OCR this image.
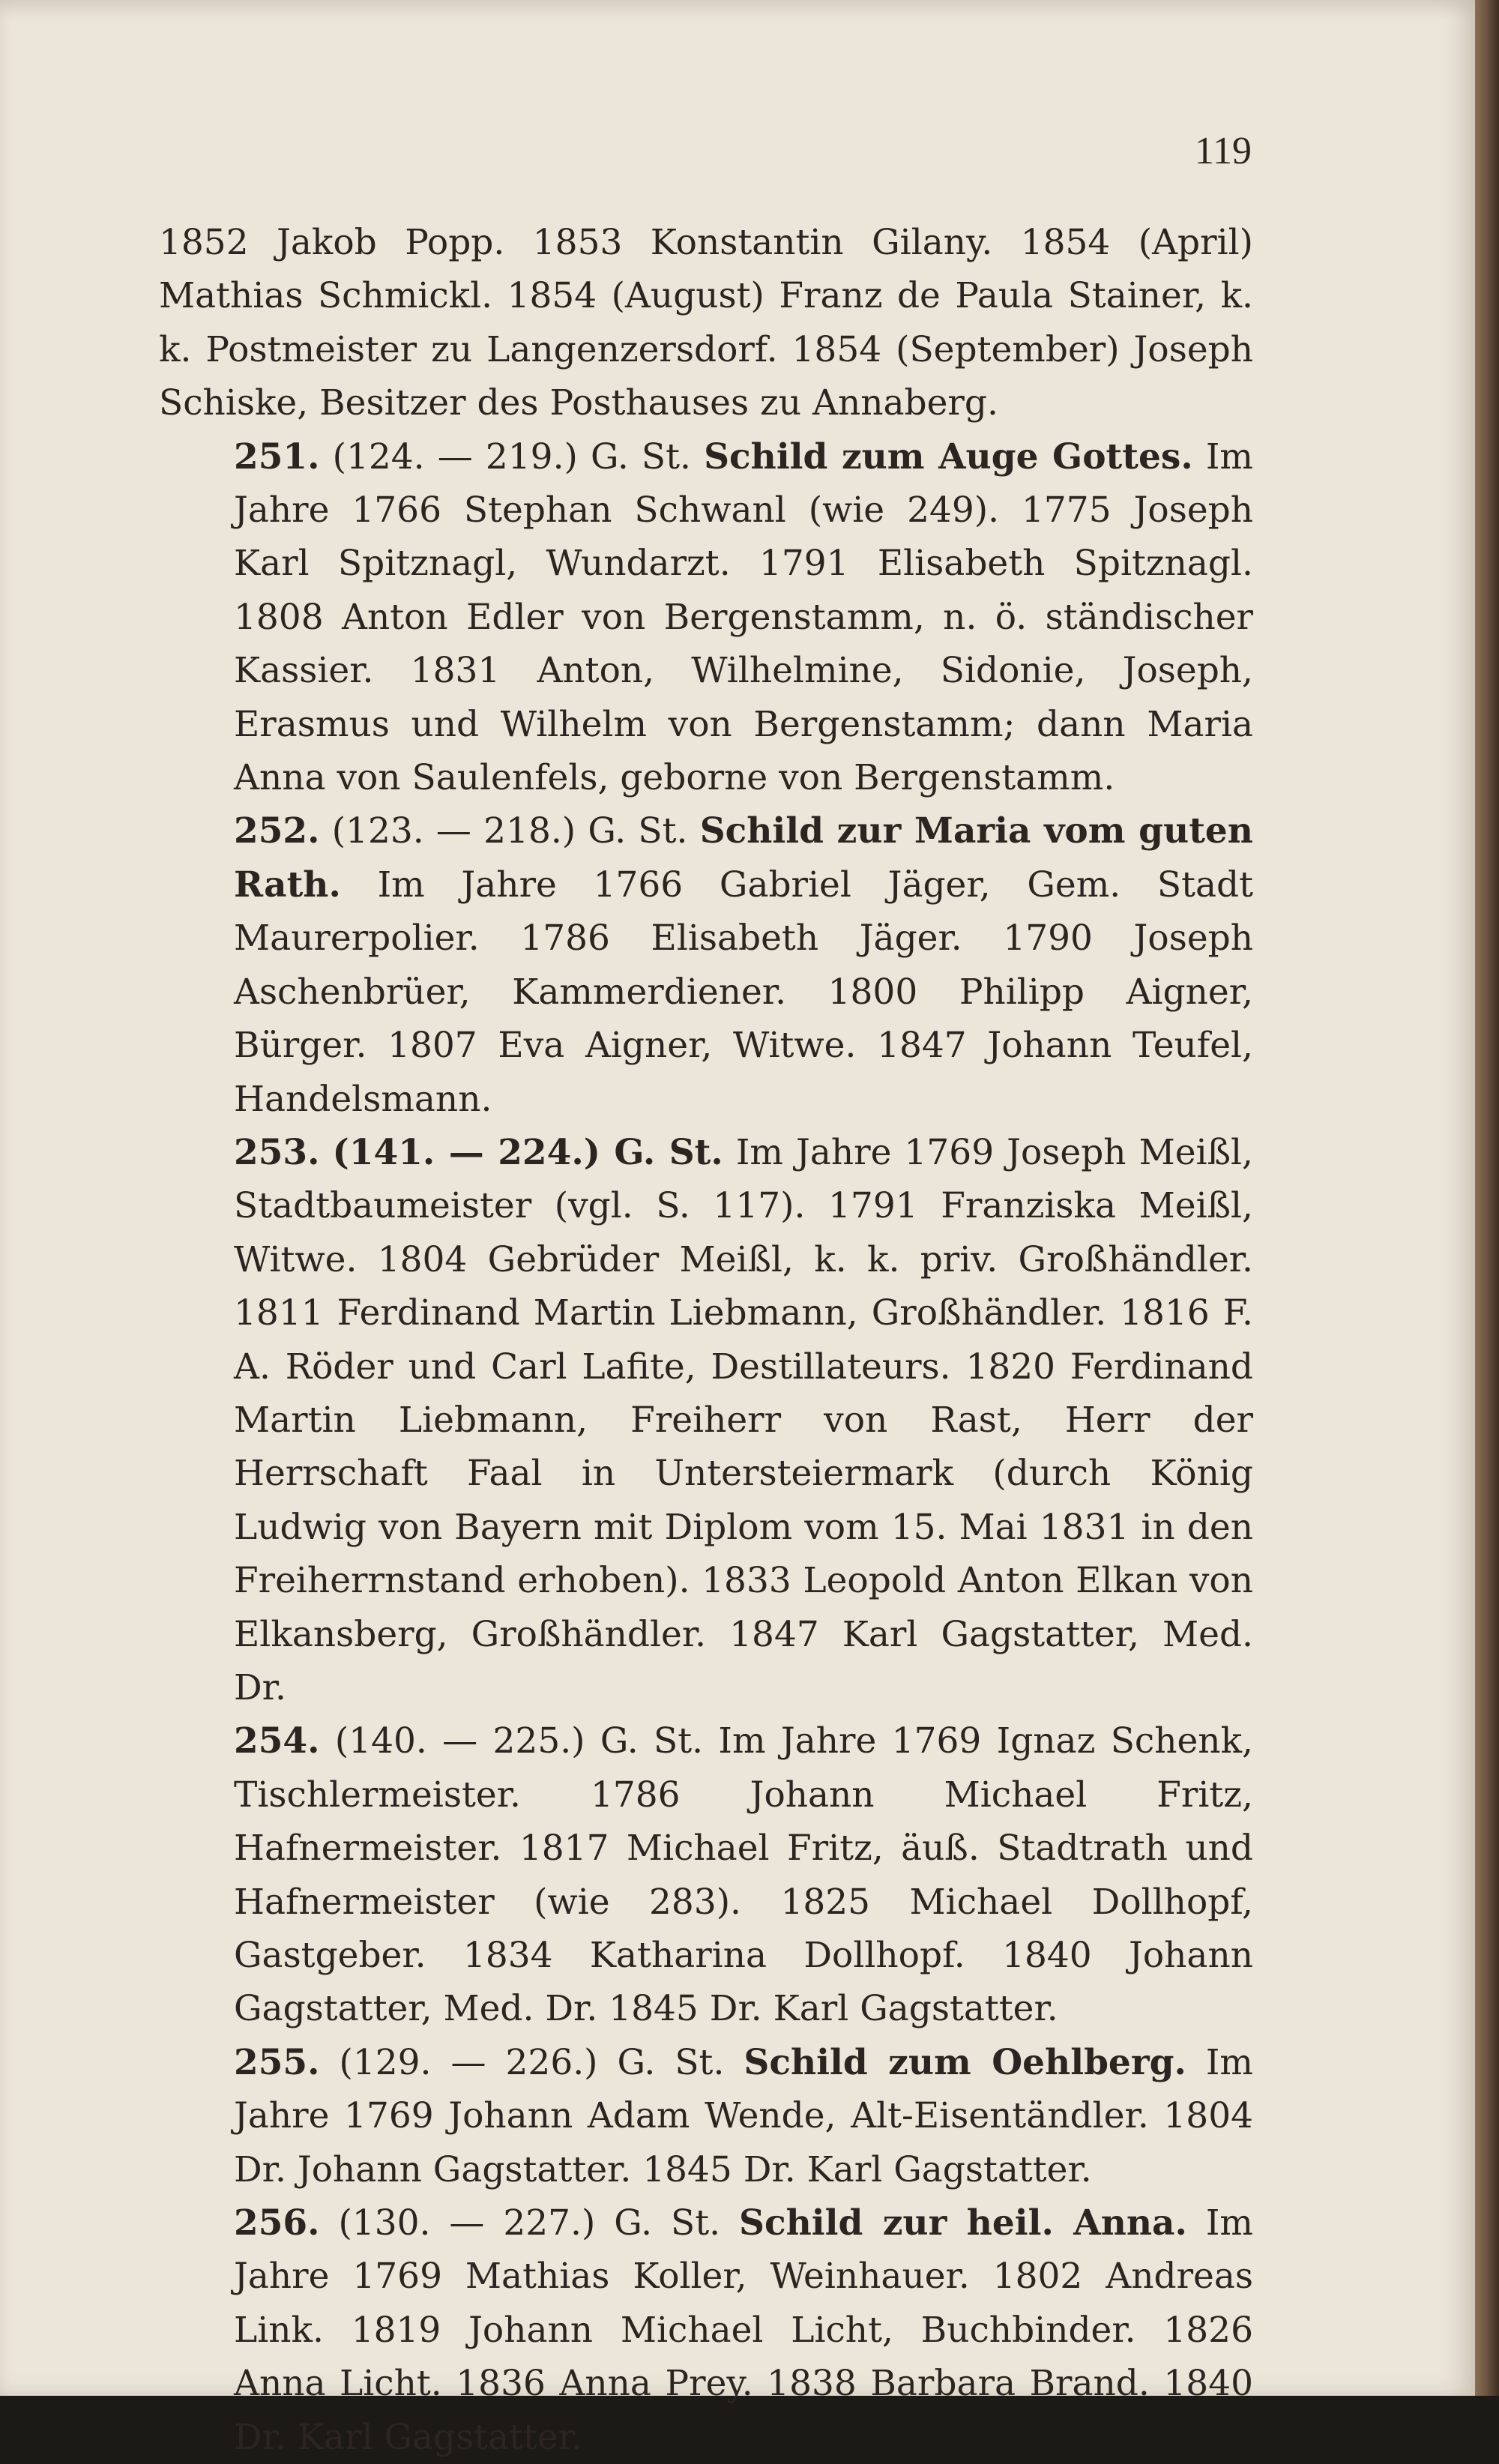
119

1852 Jakob Popp. 1853 Konstantin Gilany. 1854 (April) Mathias Schmickl. 1854 (August) Franz de Paula Stainer, k. k. Postmeister zu Langenzersdorf. 1854 (September) Joseph Schiske, Besitzer des Posthauses zu Annaberg.

251. (124. — 219.) G. St. Schild zum Auge Gottes. Im Jahre 1766 Stephan Schwanl (wie 249). 1775 Joseph Karl Spitznagl, Wundarzt. 1791 Elisabeth Spitznagl. 1808 Anton Edler von Bergenstamm, n. ö. ständischer Kassier. 1831 Anton, Wilhelmine, Sidonie, Joseph, Erasmus und Wilhelm von Bergenstamm; dann Maria Anna von Saulenfels, geborne von Bergenstamm.

252. (123. — 218.) G. St. Schild zur Maria vom guten Rath. Im Jahre 1766 Gabriel Jäger, Gem. Stadt Maurerpolier. 1786 Elisabeth Jäger. 1790 Joseph Aschenbrüer, Kammerdiener. 1800 Philipp Aigner, Bürger. 1807 Eva Aigner, Witwe. 1847 Johann Teufel, Handelsmann.

253. (141. — 224.) G. St. Im Jahre 1769 Joseph Meißl, Stadtbaumeister (vgl. S. 117). 1791 Franziska Meißl, Witwe. 1804 Gebrüder Meißl, k. k. priv. Großhändler. 1811 Ferdinand Martin Liebmann, Großhändler. 1816 F. A. Röder und Carl Lafite, Destillateurs. 1820 Ferdinand Martin Liebmann, Freiherr von Rast, Herr der Herrschaft Faal in Untersteiermark (durch König Ludwig von Bayern mit Diplom vom 15. Mai 1831 in den Freiherrnstand erhoben). 1833 Leopold Anton Elkan von Elkansberg, Großhändler. 1847 Karl Gagstatter, Med. Dr.

254. (140. — 225.) G. St. Im Jahre 1769 Ignaz Schenk, Tischlermeister. 1786 Johann Michael Fritz, Hafnermeister. 1817 Michael Fritz, äuß. Stadtrath und Hafnermeister (wie 283). 1825 Michael Dollhopf, Gastgeber. 1834 Katharina Dollhopf. 1840 Johann Gagstatter, Med. Dr. 1845 Dr. Karl Gagstatter.

255. (129. — 226.) G. St. Schild zum Oehlberg. Im Jahre 1769 Johann Adam Wende, Alt-Eisentändler. 1804 Dr. Johann Gagstatter. 1845 Dr. Karl Gagstatter.

256. (130. — 227.) G. St. Schild zur heil. Anna. Im Jahre 1769 Mathias Koller, Weinhauer. 1802 Andreas Link. 1819 Johann Michael Licht, Buchbinder. 1826 Anna Licht. 1836 Anna Prey. 1838 Barbara Brand. 1840 Dr. Karl Gagstatter.
